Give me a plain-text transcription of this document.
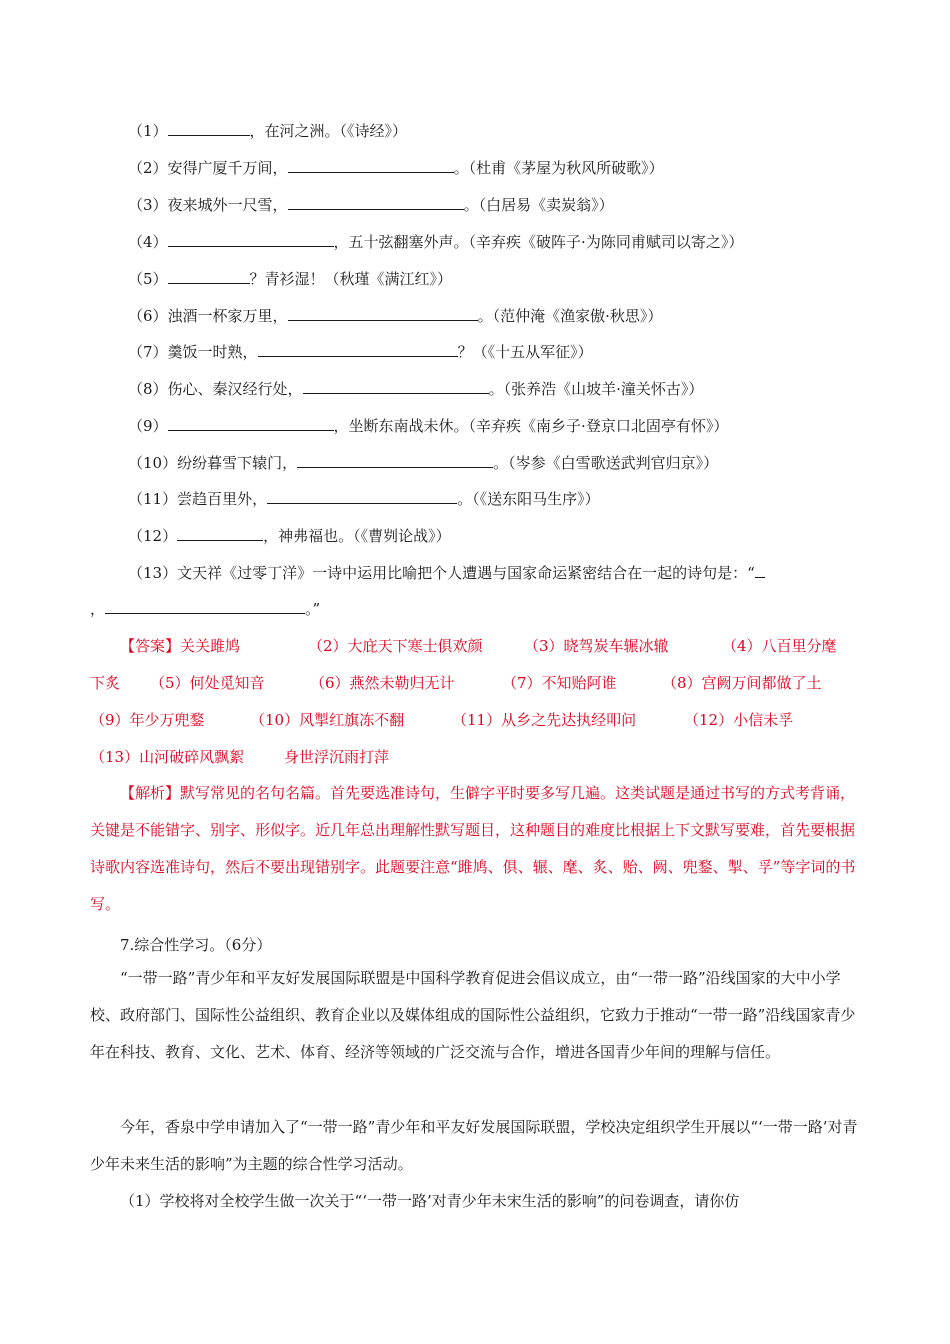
（1）	，在河之洲。（《诗经》）
（2）安得广厦千万间，	。（杜甫《茅屋为秋风所破歌》）
（3）夜来城外一尺雪，	。（白居易《卖炭翁》）
（4）	，五十弦翻塞外声。（辛弃疾《破阵子·为陈同甫赋司以寄之》）
（5）	？青衫湿！（秋瑾《满江红》）
（6）浊酒一杯家万里，	。（范仲淹《渔家傲·秋思》）
（7）羹饭一时熟，	？（《十五从军征》）
（8）伤心、秦汉经行处，	。（张养浩《山坡羊·潼关怀古》）
（9）	，坐断东南战未休。（辛弃疾《南乡子·登京口北固亭有怀》）
（10）纷纷暮雪下辕门，	。（岑参《白雪歌送武判官归京》）
（11）尝趋百里外，	。（《送东阳马生序》）
（12）	，神弗福也。（《曹刿论战》）
（13）文天祥《过零丁洋》一诗中运用比喻把个人遭遇与国家命运紧密结合在一起的诗句是：“
，	。”
【答案】 关关雎鸠	（2）大庇天下寒士俱欢颜	（3）晓驾炭车辗冰辙	（4）八百里分麾
下炙 （5）何处觅知音	（6）燕然未勒归无计	（7）不知贻阿谁	（8）宫阙万间都做了土
（9）年少万兜鍪	（10）风掣红旗冻不翻	（11）从乡之先达执经叩问	（12）小信未孚
（13）山河破碎风飘絮	身世浮沉雨打萍
【解析】默写常见的名句名篇。首先要选准诗句，生僻字平时要多写几遍。这类试题是通过书写的方式考背诵，关键是不能错字、别字、形似字。近几年总出理解性默写题目，这种题目的难度比根据上下文默写要难，首先要根据诗歌内容选准诗句，然后不要出现错别字。此题要注意“雎鸠、俱、辗、麾、炙、贻、阙、兜鍪、掣、孚”等字词的书写。
7.综合性学习。（6分）
“一带一路”青少年和平友好发展国际联盟是中国科学教育促进会倡议成立，由“一带一路”沿线国家的大中小学校、政府部门、国际性公益组织、教育企业以及媒体组成的国际性公益组织，它致力于推动“一带一路”沿线国家青少年在科技、教育、文化、艺术、体育、经济等领域的广泛交流与合作，增进各国青少年间的理解与信任。
今年，香泉中学申请加入了“一带一路”青少年和平友好发展国际联盟，学校决定组织学生开展以“‘一带一路’对青少年未来生活的影响”为主题的综合性学习活动。
（1）学校将对全校学生做一次关于“‘一带一路’对青少年未宋生活的影响”的问卷调查，请你仿
